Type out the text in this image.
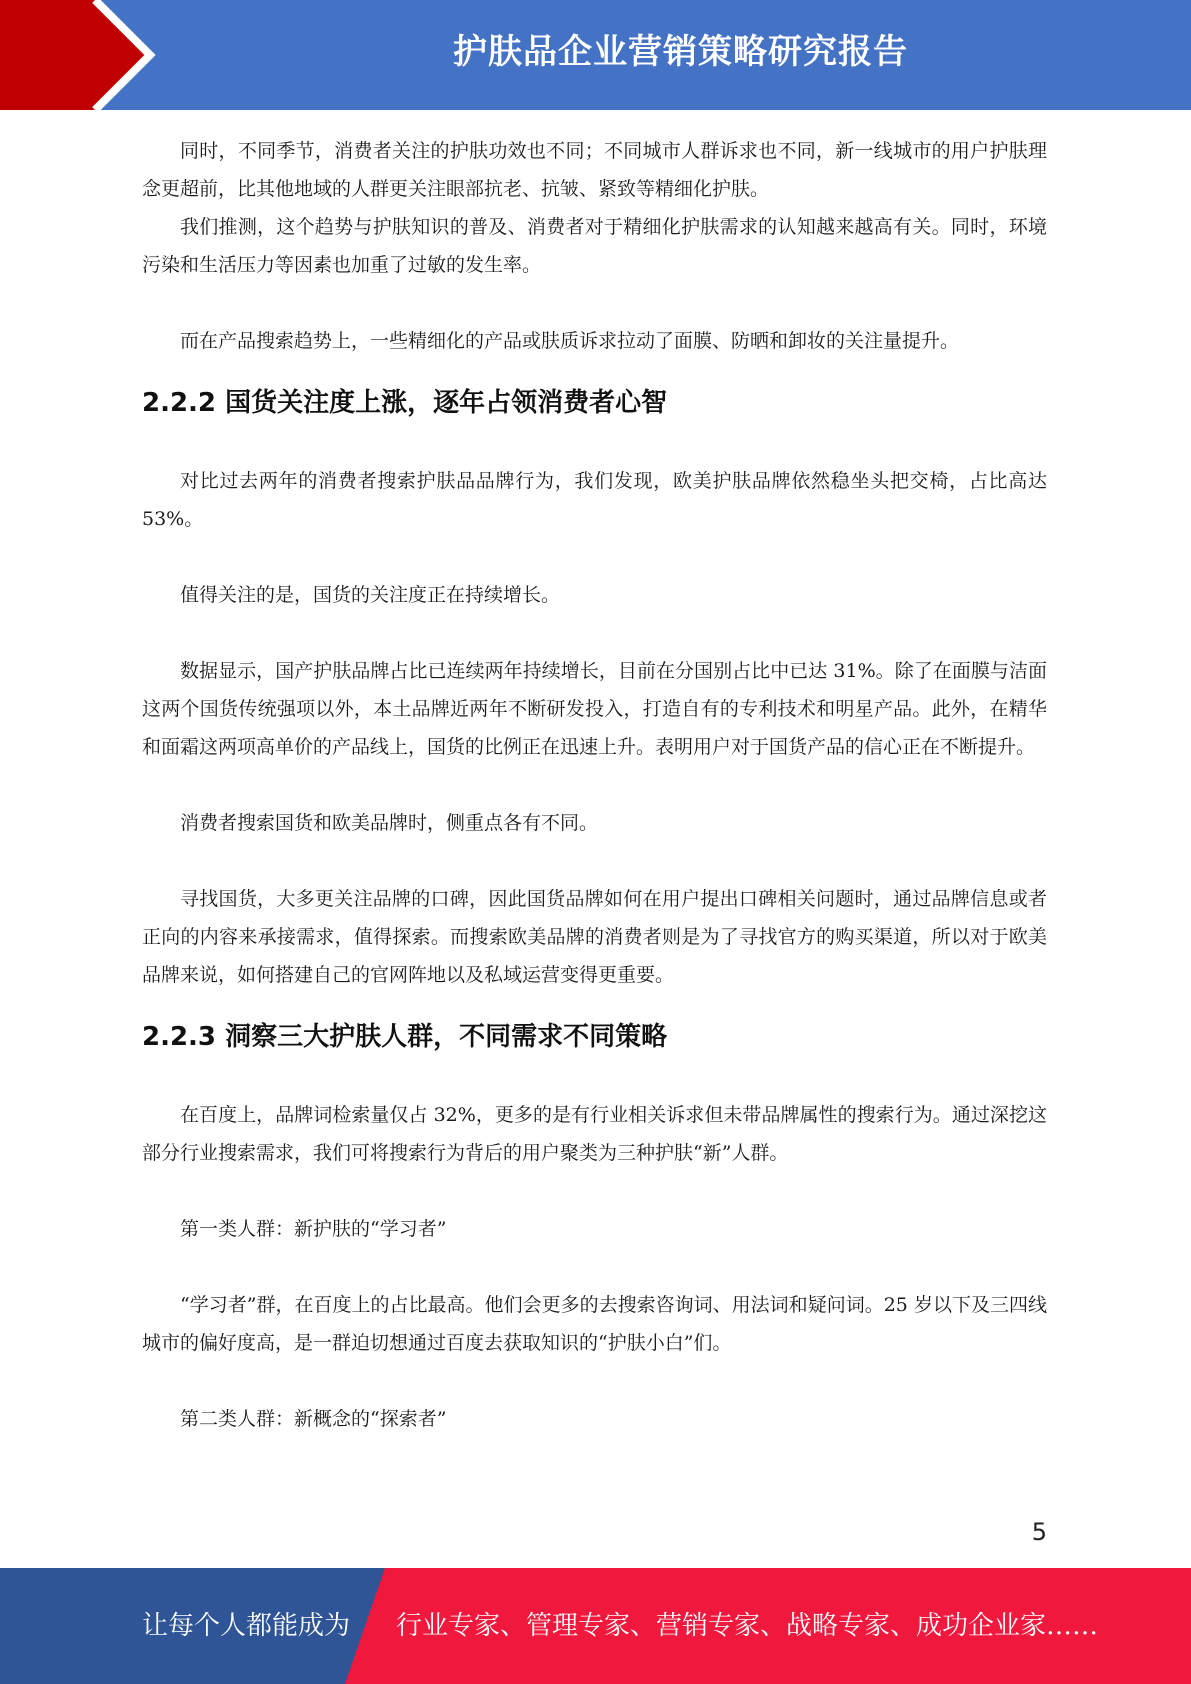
护肤品企业营销策略研究报告

同时，不同季节，消费者关注的护肤功效也不同；不同城市人群诉求也不同，新一线城市的用户护肤理念更超前，比其他地域的人群更关注眼部抗老、抗皱、紧致等精细化护肤。

我们推测，这个趋势与护肤知识的普及、消费者对于精细化护肤需求的认知越来越高有关。同时，环境污染和生活压力等因素也加重了过敏的发生率。

而在产品搜索趋势上，一些精细化的产品或肤质诉求拉动了面膜、防晒和卸妆的关注量提升。

2.2.2 国货关注度上涨，逐年占领消费者心智

对比过去两年的消费者搜索护肤品品牌行为，我们发现，欧美护肤品牌依然稳坐头把交椅，占比高达 53%。

值得关注的是，国货的关注度正在持续增长。

数据显示，国产护肤品牌占比已连续两年持续增长，目前在分国别占比中已达 31%。除了在面膜与洁面这两个国货传统强项以外，本土品牌近两年不断研发投入，打造自有的专利技术和明星产品。此外，在精华和面霜这两项高单价的产品线上，国货的比例正在迅速上升。表明用户对于国货产品的信心正在不断提升。

消费者搜索国货和欧美品牌时，侧重点各有不同。

寻找国货，大多更关注品牌的口碑，因此国货品牌如何在用户提出口碑相关问题时，通过品牌信息或者正向的内容来承接需求，值得探索。而搜索欧美品牌的消费者则是为了寻找官方的购买渠道，所以对于欧美品牌来说，如何搭建自己的官网阵地以及私域运营变得更重要。

2.2.3 洞察三大护肤人群，不同需求不同策略

在百度上，品牌词检索量仅占 32%，更多的是有行业相关诉求但未带品牌属性的搜索行为。通过深挖这部分行业搜索需求，我们可将搜索行为背后的用户聚类为三种护肤“新”人群。

第一类人群：新护肤的“学习者”

“学习者”群，在百度上的占比最高。他们会更多的去搜索咨询词、用法词和疑问词。25 岁以下及三四线城市的偏好度高，是一群迫切想通过百度去获取知识的“护肤小白”们。

第二类人群：新概念的“探索者”

5
让每个人都能成为 行业专家、管理专家、营销专家、战略专家、成功企业家……
